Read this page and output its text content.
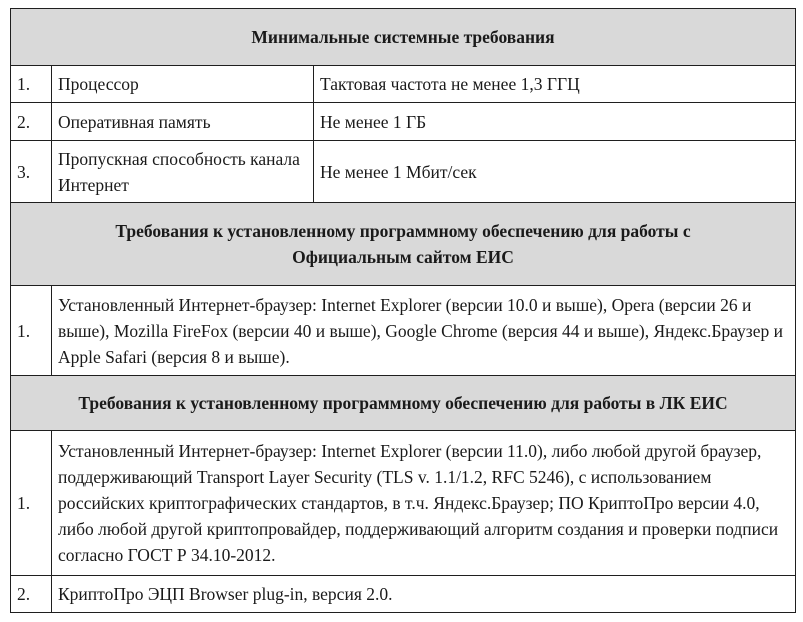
Минимальные системные требования		
1.	Процессор	Тактовая частота не менее 1,3 ГГЦ
2.	Оперативная память	Не менее 1 ГБ
3.	Пропускная способность канала Интернет	Не менее 1 Мбит/сек
Требования к установленному программному обеспечению для работы с Официальным сайтом ЕИС		
1.	Установленный Интернет-браузер: Internet Explorer (версии 10.0 и выше), Opera (версии 26 и выше), Mozilla FireFox (версии 40 и выше), Google Chrome (версия 44 и выше), Яндекс.Браузер и Apple Safari (версия 8 и выше).	
Требования к установленному программному обеспечению для работы в ЛК ЕИС		
1.	Установленный Интернет-браузер: Internet Explorer (версии 11.0), либо любой другой браузер, поддерживающий Transport Layer Security (TLS v. 1.1/1.2, RFC 5246), с использованием российских криптографических стандартов, в т.ч. Яндекс.Браузер; ПО КриптоПро версии 4.0, либо любой другой криптопровайдер, поддерживающий алгоритм создания и проверки подписи согласно ГОСТ Р 34.10-2012.	
2.	КриптоПро ЭЦП Browser plug-in, версия 2.0.	
